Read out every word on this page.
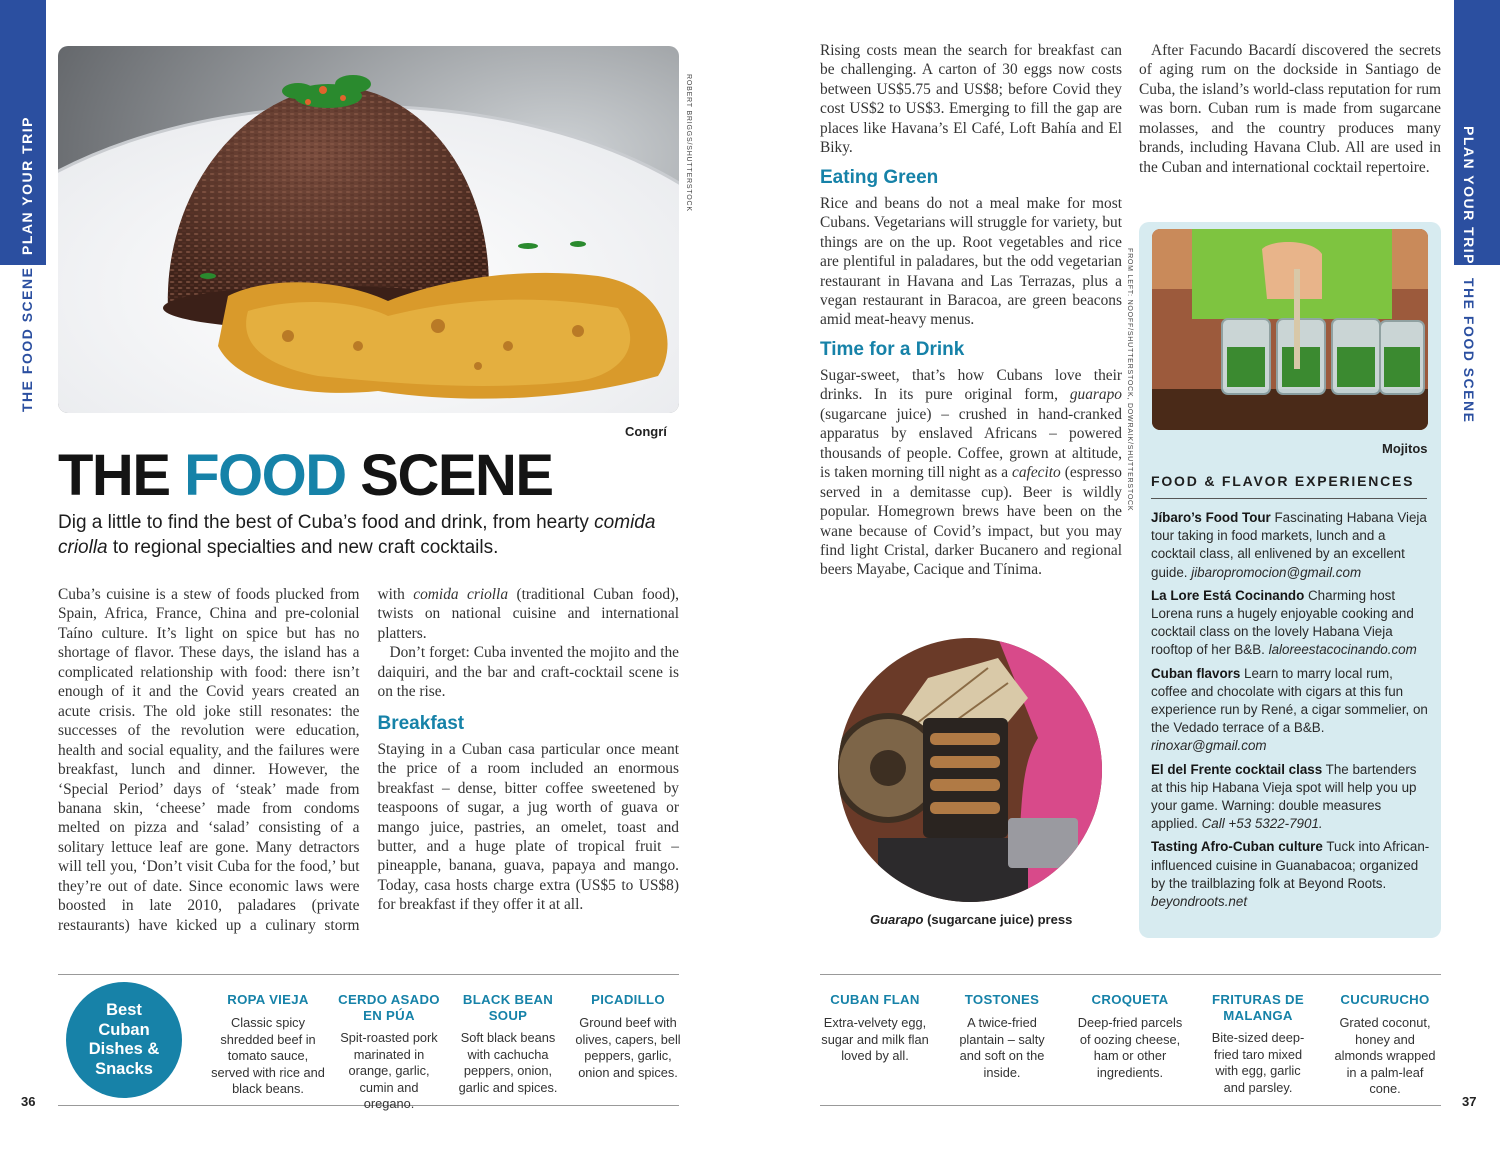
PLAN YOUR TRIP
THE FOOD SCENE
ROBERT BRIGGS/SHUTTERSTOCK
Congrí
THE FOOD SCENE
Dig a little to find the best of Cuba’s food and drink, from hearty comida criolla to regional specialties and new craft cocktails.

Cuba’s cuisine is a stew of foods plucked from Spain, Africa, France, China and pre-colonial Taíno culture. It’s light on spice but has no shortage of flavor. These days, the island has a complicated relationship with food: there isn’t enough of it and the Covid years created an acute crisis. The old joke still resonates: the successes of the revolution were education, health and social equality, and the failures were breakfast, lunch and dinner. However, the ‘Special Period’ days of ‘steak’ made from banana skin, ‘cheese’ made from condoms melted on pizza and ‘salad’ consisting of a solitary lettuce leaf are gone. Many detractors will tell you, ‘Don’t visit Cuba for the food,’ but they’re out of date. Since economic laws were boosted in late 2010, paladares (private restaurants) have kicked up a culinary storm with comida criolla (traditional Cuban food), twists on national cuisine and international platters.

Don’t forget: Cuba invented the mojito and the daiquiri, and the bar and craft-cocktail scene is on the rise.

Breakfast

Staying in a Cuban casa particular once meant the price of a room included an enormous breakfast – dense, bitter coffee sweetened by teaspoons of sugar, a jug worth of guava or mango juice, pastries, an omelet, toast and butter, and a huge plate of tropical fruit – pineapple, banana, guava, papaya and mango. Today, casa hosts charge extra (US$5 to US$8) for breakfast if they offer it at all.

Best Cuban Dishes & Snacks
ROPA VIEJA
Classic spicy shredded beef in tomato sauce, served with rice and black beans.
CERDO ASADO EN PÚA
Spit-roasted pork marinated in orange, garlic, cumin and oregano.
BLACK BEAN SOUP
Soft black beans with cachucha peppers, onion, garlic and spices.
PICADILLO
Ground beef with olives, capers, bell peppers, garlic, onion and spices.
36

Rising costs mean the search for breakfast can be challenging. A carton of 30 eggs now costs between US$5.75 and US$8; before Covid they cost US$2 to US$3. Emerging to fill the gap are places like Havana’s El Café, Loft Bahía and El Biky.

Eating Green

Rice and beans do not a meal make for most Cubans. Vegetarians will struggle for variety, but things are on the up. Root vegetables and rice are plentiful in paladares, but the odd vegetarian restaurant in Havana and Las Terrazas, plus a vegan restaurant in Baracoa, are green beacons amid meat-heavy menus.

Time for a Drink

Sugar-sweet, that’s how Cubans love their drinks. In its pure original form, guarapo (sugarcane juice) – crushed in hand-cranked apparatus by enslaved Africans – powered thousands of people. Coffee, grown at altitude, is taken morning till night as a cafecito (espresso served in a demitasse cup). Beer is wildly popular. Homegrown brews have been on the wane because of Covid’s impact, but you may find light Cristal, darker Bucanero and regional beers Mayabe, Cacique and Tínima.

After Facundo Bacardí discovered the secrets of aging rum on the dockside in Santiago de Cuba, the island’s world-class reputation for rum was born. Cuban rum is made from sugarcane molasses, and the country produces many brands, including Havana Club. All are used in the Cuban and international cocktail repertoire.

FROM LEFT: NOOFF/SHUTTERSTOCK, DOWRAIK/SHUTTERSTOCK
Guarapo (sugarcane juice) press
Mojitos
FOOD & FLAVOR EXPERIENCES
Jíbaro’s Food Tour Fascinating Habana Vieja tour taking in food markets, lunch and a cocktail class, all enlivened by an excellent guide. jibaropromocion@gmail.com
La Lore Está Cocinando Charming host Lorena runs a hugely enjoyable cooking and cocktail class on the lovely Habana Vieja rooftop of her B&B. laloreestacocinando.com
Cuban flavors Learn to marry local rum, coffee and chocolate with cigars at this fun experience run by René, a cigar sommelier, on the Vedado terrace of a B&B. rinoxar@gmail.com
El del Frente cocktail class The bartenders at this hip Habana Vieja spot will help you up your game. Warning: double measures applied. Call +53 5322-7901.
Tasting Afro-Cuban culture Tuck into African-influenced cuisine in Guanabacoa; organized by the trailblazing folk at Beyond Roots. beyondroots.net
CUBAN FLAN
Extra-velvety egg, sugar and milk flan loved by all.
TOSTONES
A twice-fried plantain – salty and soft on the inside.
CROQUETA
Deep-fried parcels of oozing cheese, ham or other ingredients.
FRITURAS DE MALANGA
Bite-sized deep-fried taro mixed with egg, garlic and parsley.
CUCURUCHO
Grated coconut, honey and almonds wrapped in a palm-leaf cone.
37
PLAN YOUR TRIP
THE FOOD SCENE
